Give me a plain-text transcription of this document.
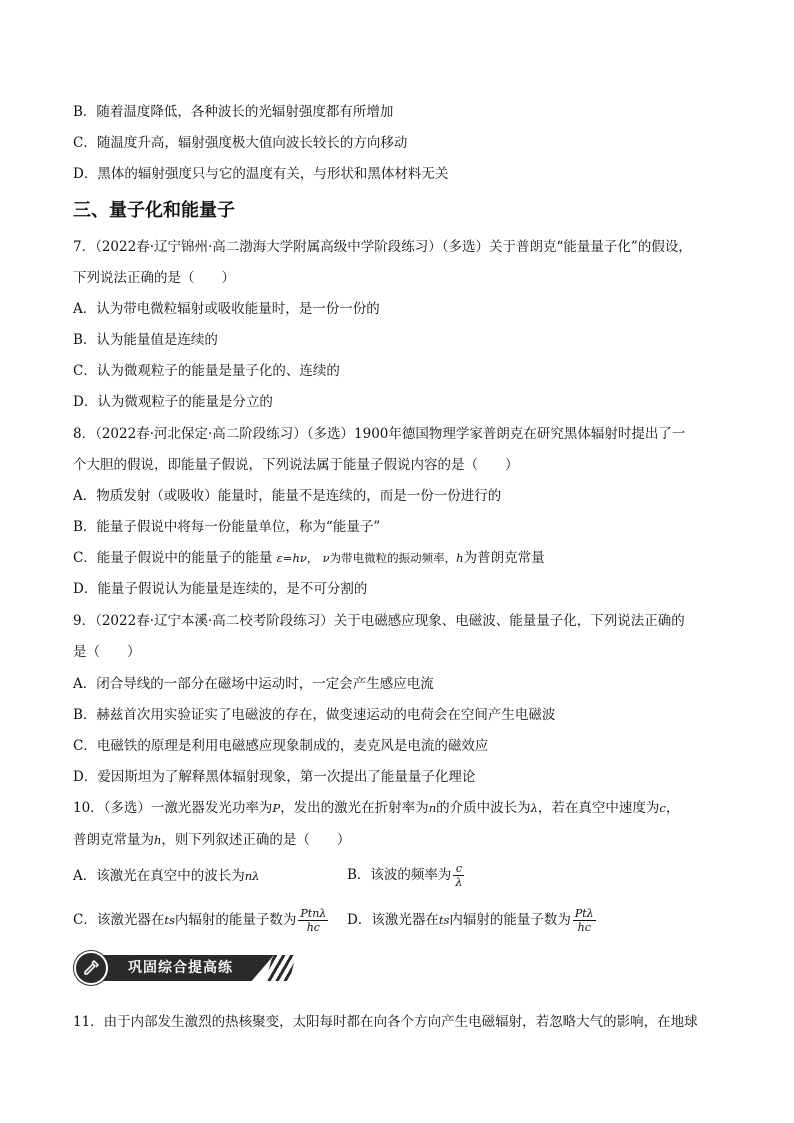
B．随着温度降低，各种波长的光辐射强度都有所增加
C．随温度升高，辐射强度极大值向波长较长的方向移动
D．黑体的辐射强度只与它的温度有关，与形状和黑体材料无关
三、量子化和能量子
7．（2022春·辽宁锦州·高二渤海大学附属高级中学阶段练习）（多选）关于普朗克“能量量子化”的假设，
下列说法正确的是（　　）
A．认为带电微粒辐射或吸收能量时，是一份一份的
B．认为能量值是连续的
C．认为微观粒子的能量是量子化的、连续的
D．认为微观粒子的能量是分立的
8．（2022春·河北保定·高二阶段练习）（多选）1900年德国物理学家普朗克在研究黑体辐射时提出了一
个大胆的假说，即能量子假说，下列说法属于能量子假说内容的是（　　）
A．物质发射（或吸收）能量时，能量不是连续的，而是一份一份进行的
B．能量子假说中将每一份能量单位，称为“能量子”
C．能量子假说中的能量子的能量 ε=hν， ν为带电微粒的振动频率，h为普朗克常量
D．能量子假说认为能量是连续的，是不可分割的
9．（2022春·辽宁本溪·高二校考阶段练习）关于电磁感应现象、电磁波、能量量子化，下列说法正确的
是（　　）
A．闭合导线的一部分在磁场中运动时，一定会产生感应电流
B．赫兹首次用实验证实了电磁波的存在，做变速运动的电荷会在空间产生电磁波
C．电磁铁的原理是利用电磁感应现象制成的，麦克风是电流的磁效应
D．爱因斯坦为了解释黑体辐射现象，第一次提出了能量量子化理论
10．（多选）一激光器发光功率为P，发出的激光在折射率为n的介质中波长为λ，若在真空中速度为c，
普朗克常量为h，则下列叙述正确的是（　　）
A．该激光在真空中的波长为nλ	B．该波的频率为 $\frac{c}{\lambda}$
C．该激光器在ts内辐射的能量子数为 $\frac{\text{Ptnλ}}{hc}$ D．该激光器在ts内辐射的能量子数为 $\frac{\text{Ptλ}}{hc}$
巩固综合提高练
11．由于内部发生激烈的热核聚变，太阳每时都在向各个方向产生电磁辐射，若忽略大气的影响，在地球
